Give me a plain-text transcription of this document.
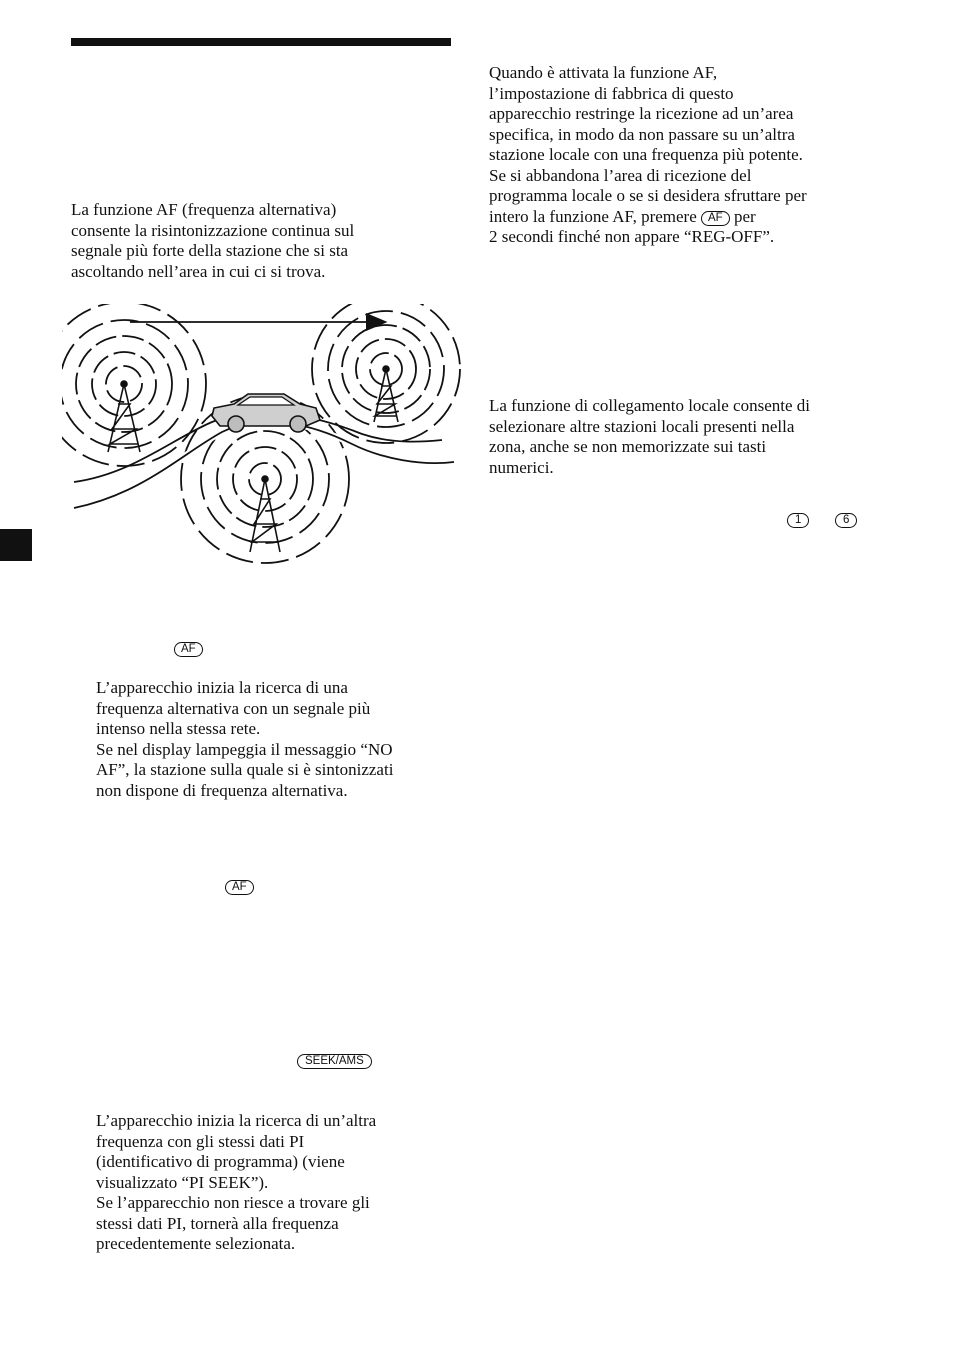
La funzione AF (frequenza alternativa)
consente la risintonizzazione continua sul
segnale più forte della stazione che si sta
ascoltando nell’area in cui ci si trova.
AF
L’apparecchio inizia la ricerca di una
frequenza alternativa con un segnale più
intenso nella stessa rete.
Se nel display lampeggia il messaggio “NO
AF”, la stazione sulla quale si è sintonizzati
non dispone di frequenza alternativa.
AF
SEEK/AMS
L’apparecchio inizia la ricerca di un’altra
frequenza con gli stessi dati PI
(identificativo di programma) (viene
visualizzato “PI SEEK”).
Se l’apparecchio non riesce a trovare gli
stessi dati PI, tornerà alla frequenza
precedentemente selezionata.
Quando è attivata la funzione AF,
l’impostazione di fabbrica di questo
apparecchio restringe la ricezione ad un’area
specifica, in modo da non passare su un’altra
stazione locale con una frequenza più potente.
Se si abbandona l’area di ricezione del
programma locale o se si desidera sfruttare per
intero la funzione AF, premere AF per
2 secondi finché non appare “REG-OFF”.
La funzione di collegamento locale consente di
selezionare altre stazioni locali presenti nella
zona, anche se non memorizzate sui tasti
numerici.
1	6
